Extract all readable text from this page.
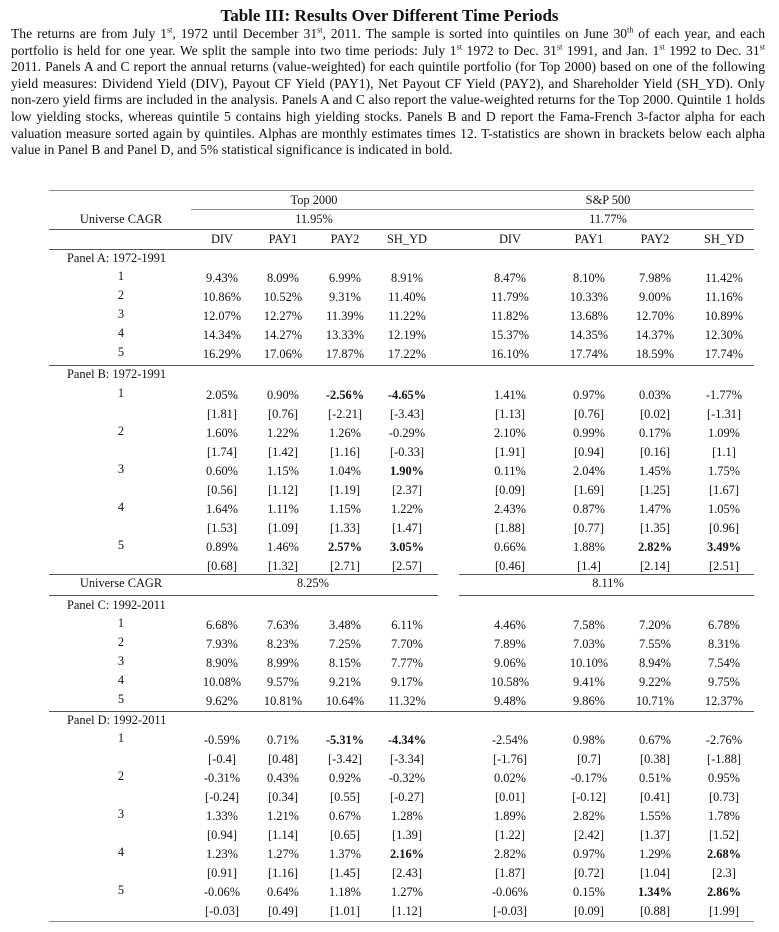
Table III: Results Over Different Time Periods
The returns are from July 1st, 1972 until December 31st, 2011. The sample is sorted into quintiles on June 30th of each year, and each portfolio is held for one year. We split the sample into two time periods: July 1st 1972 to Dec. 31st 1991, and Jan. 1st 1992 to Dec. 31st 2011. Panels A and C report the annual returns (value-weighted) for each quintile portfolio (for Top 2000) based on one of the following yield measures: Dividend Yield (DIV), Payout CF Yield (PAY1), Net Payout CF Yield (PAY2), and Shareholder Yield (SH_YD). Only non-zero yield firms are included in the analysis. Panels A and C also report the value-weighted returns for the Top 2000. Quintile 1 holds low yielding stocks, whereas quintile 5 contains high yielding stocks. Panels B and D report the Fama-French 3-factor alpha for each valuation measure sorted again by quintiles. Alphas are monthly estimates times 12. T-statistics are shown in brackets below each alpha value in Panel B and Panel D, and 5% statistical significance is indicated in bold.
Top 2000	S&P 500
Universe CAGR	11.95%	11.77%
DIV	PAY1	PAY2 SH_YD	DIV	PAY1	PAY2	SH_YD
Panel A: 1972-1991
1	9.43% 8.09% 6.99% 8.91%	8.47%	8.10%	7.98%	11.42%
2	10.86% 10.52% 9.31% 11.40%	11.79%	10.33% 9.00%	11.16%
3	12.07% 12.27% 11.39% 11.22%	11.82%	13.68% 12.70% 10.89%
4	14.34% 14.27% 13.33% 12.19%	15.37%	14.35% 14.37% 12.30%
5	16.29% 17.06% 17.87% 17.22%	16.10%	17.74% 18.59% 17.74%
Panel B: 1972-1991
1	2.05% 0.90% -2.56% -4.65%	1.41%	0.97%	0.03%	-1.77%
[1.81]	[0.76] [-2.21] [-3.43]	[1.13]	[0.76]	[0.02]	[-1.31]
2	1.60% 1.22% 1.26% -0.29%	2.10%	0.99%	0.17%	1.09%
[1.74]	[1.42]	[1.16] [-0.33]	[1.91]	[0.94]	[0.16]	[1.1]
3	0.60% 1.15% 1.04% 1.90%	0.11%	2.04%	1.45%	1.75%
[0.56]	[1.12]	[1.19]	[2.37]	[0.09]	[1.69]	[1.25]	[1.67]
4	1.64% 1.11% 1.15% 1.22%	2.43%	0.87%	1.47%	1.05%
[1.53]	[1.09]	[1.33]	[1.47]	[1.88]	[0.77]	[1.35]	[0.96]
5	0.89% 1.46% 2.57% 3.05%	0.66%	1.88%	2.82%	3.49%
[0.68]	[1.32]	[2.71]	[2.57]	[0.46]	[1.4]	[2.14]	[2.51]
Universe CAGR	8.25%	8.11%
Panel C: 1992-2011
1	6.68% 7.63% 3.48% 6.11%	4.46%	7.58%	7.20%	6.78%
2	7.93% 8.23% 7.25% 7.70%	7.89%	7.03%	7.55%	8.31%
3	8.90% 8.99% 8.15% 7.77%	9.06%	10.10% 8.94%	7.54%
4	10.08% 9.57% 9.21% 9.17%	10.58%	9.41%	9.22%	9.75%
5	9.62% 10.81% 10.64% 11.32%	9.48%	9.86% 10.71% 12.37%
Panel D: 1992-2011
1	-0.59% 0.71% -5.31% -4.34%	-2.54%	0.98%	0.67%	-2.76%
[-0.4]	[0.48] [-3.42] [-3.34]	[-1.76]	[0.7]	[0.38]	[-1.88]
2	-0.31% 0.43% 0.92% -0.32%	0.02%	-0.17%	0.51%	0.95%
[-0.24] [0.34]	[0.55] [-0.27]	[0.01]	[-0.12]	[0.41]	[0.73]
3	1.33% 1.21% 0.67% 1.28%	1.89%	2.82%	1.55%	1.78%
[0.94]	[1.14]	[0.65]	[1.39]	[1.22]	[2.42]	[1.37]	[1.52]
4	1.23% 1.27% 1.37% 2.16%	2.82%	0.97%	1.29%	2.68%
[0.91]	[1.16]	[1.45]	[2.43]	[1.87]	[0.72]	[1.04]	[2.3]
5	-0.06% 0.64% 1.18% 1.27%	-0.06%	0.15%	1.34%	2.86%
[-0.03] [0.49]	[1.01]	[1.12]	[-0.03]	[0.09]	[0.88]	[1.99]
